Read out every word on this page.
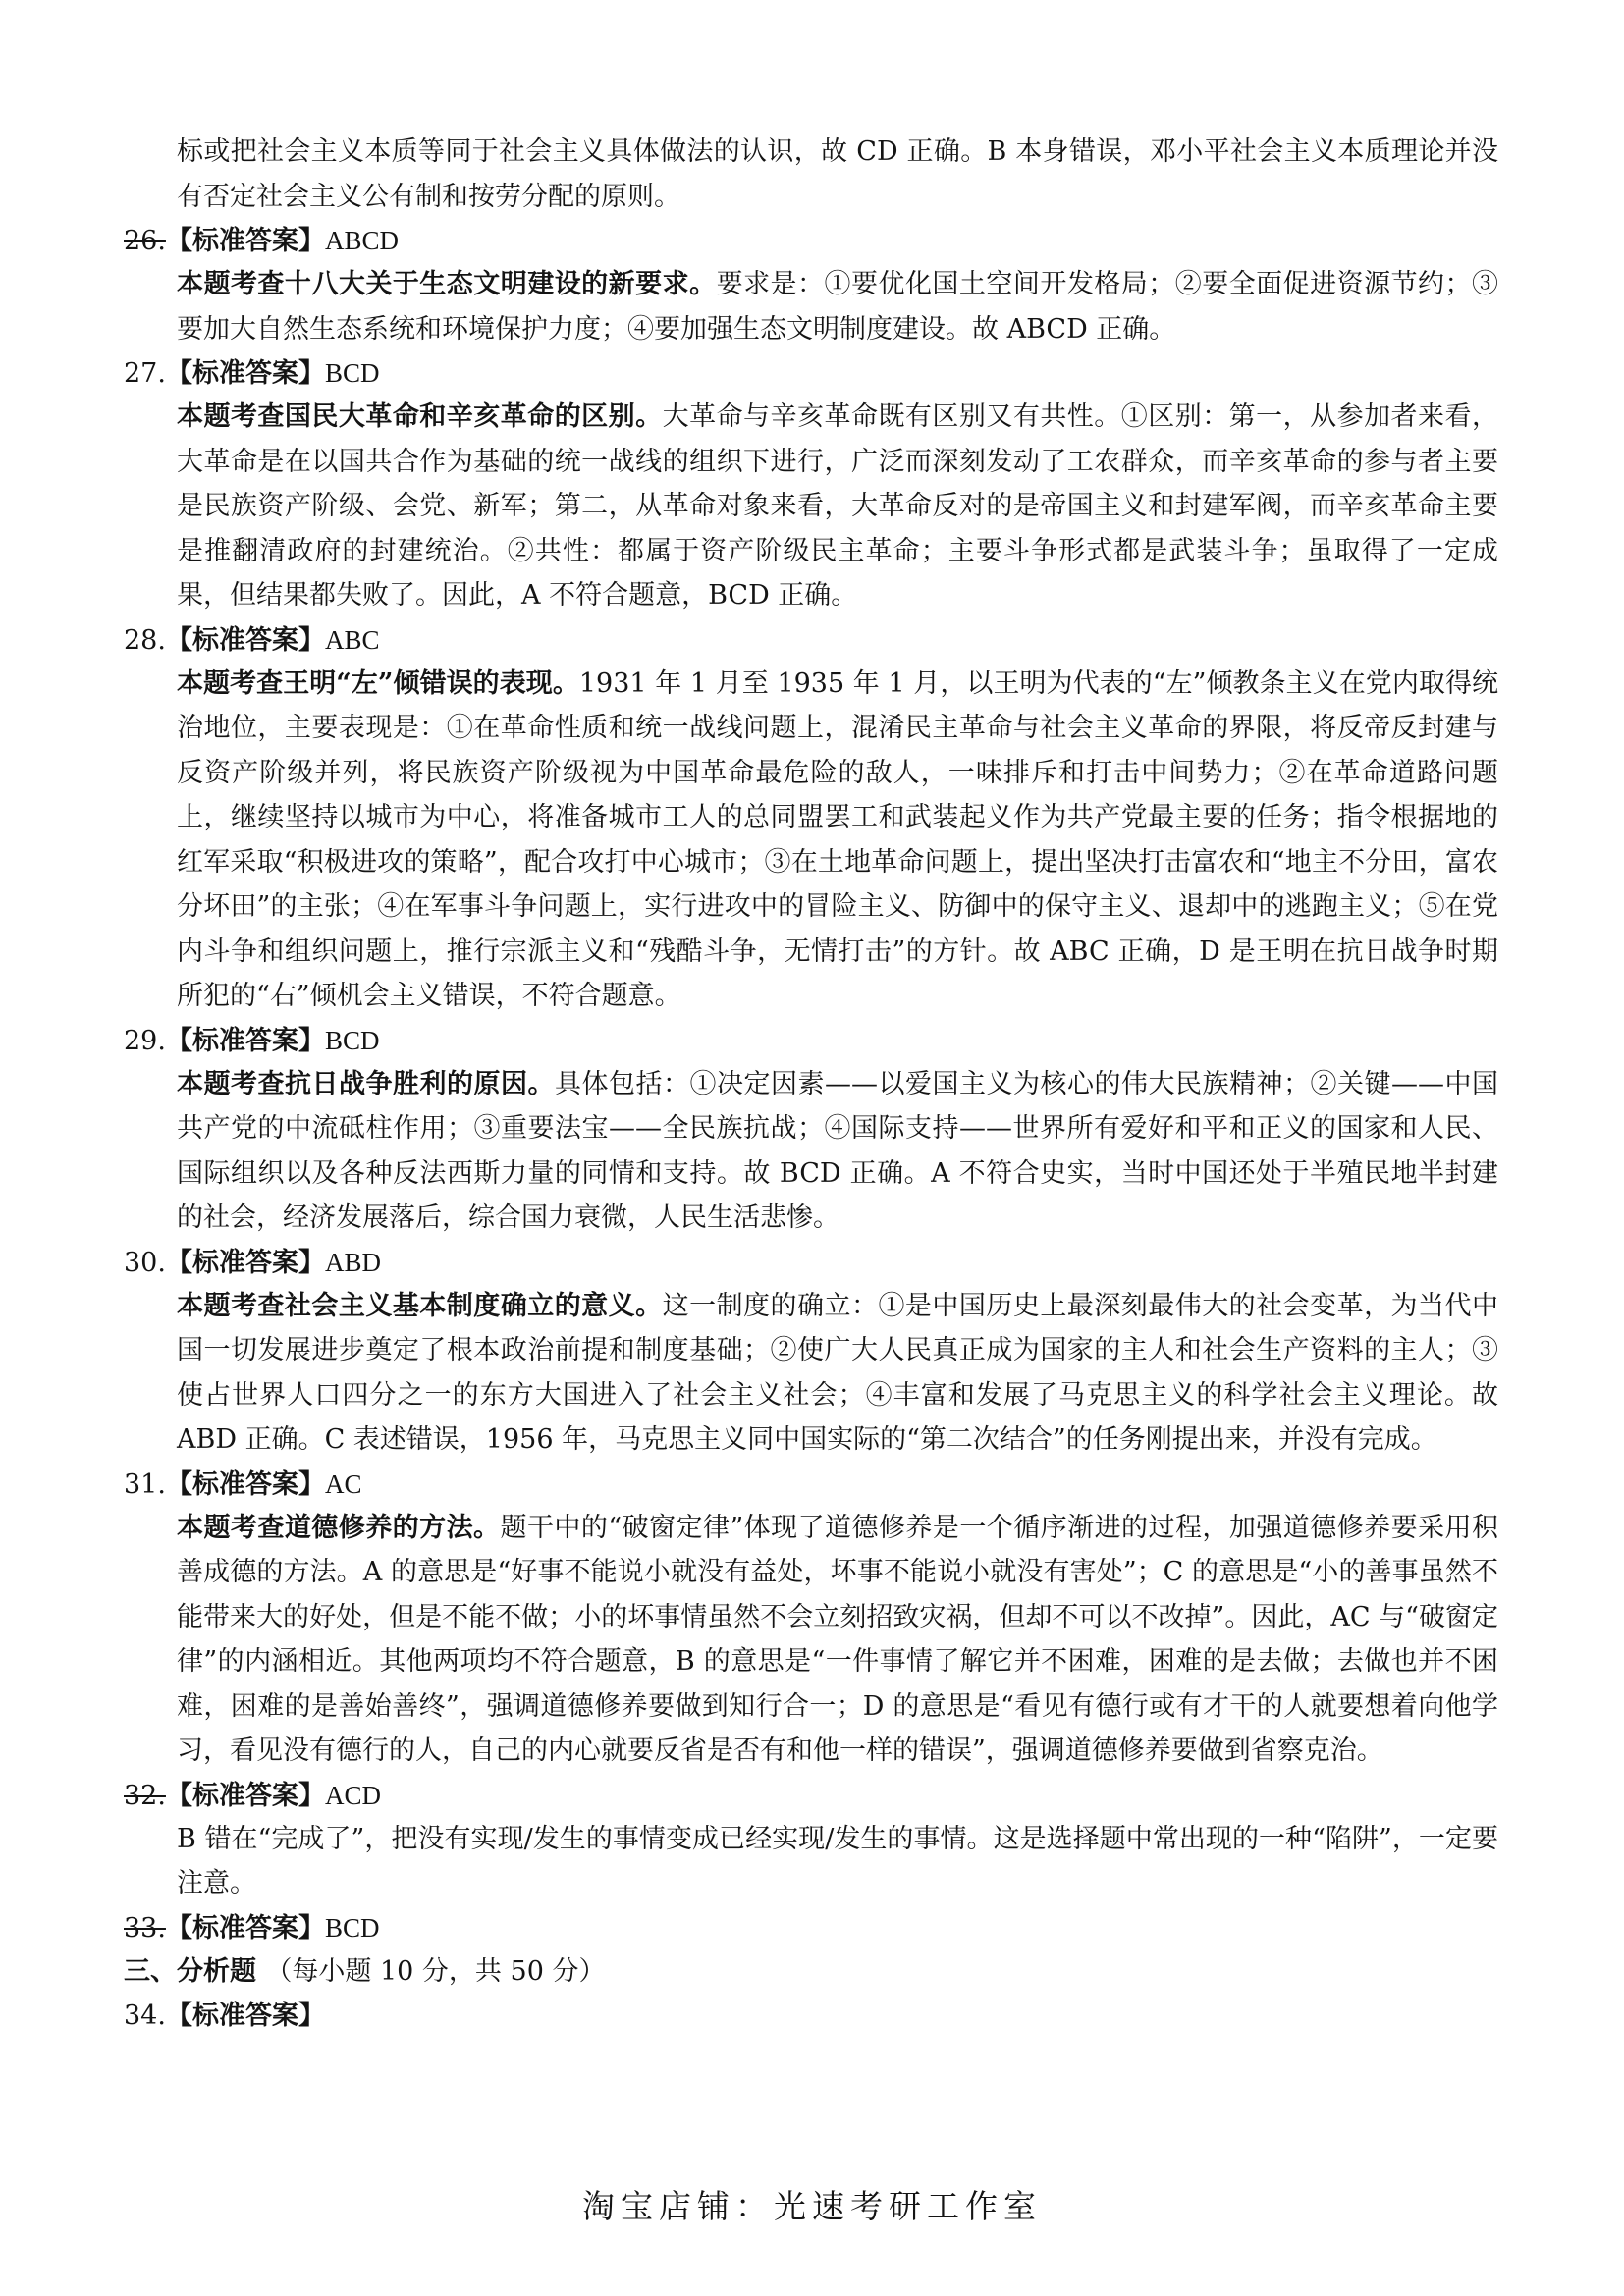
标或把社会主义本质等同于社会主义具体做法的认识，故 CD 正确。B 本身错误，邓小平社会主义本质理论并没有否定社会主义公有制和按劳分配的原则。
26.【标准答案】ABCD
本题考查十八大关于生态文明建设的新要求。要求是：①要优化国土空间开发格局；②要全面促进资源节约；③要加大自然生态系统和环境保护力度；④要加强生态文明制度建设。故 ABCD 正确。
27.【标准答案】BCD
本题考查国民大革命和辛亥革命的区别。大革命与辛亥革命既有区别又有共性。①区别：第一，从参加者来看，大革命是在以国共合作为基础的统一战线的组织下进行，广泛而深刻发动了工农群众，而辛亥革命的参与者主要是民族资产阶级、会党、新军；第二，从革命对象来看，大革命反对的是帝国主义和封建军阀，而辛亥革命主要是推翻清政府的封建统治。②共性：都属于资产阶级民主革命；主要斗争形式都是武装斗争；虽取得了一定成果，但结果都失败了。因此，A 不符合题意，BCD 正确。
28.【标准答案】ABC
本题考查王明“左”倾错误的表现。1931 年 1 月至 1935 年 1 月，以王明为代表的“左”倾教条主义在党内取得统治地位，主要表现是：①在革命性质和统一战线问题上，混淆民主革命与社会主义革命的界限，将反帝反封建与反资产阶级并列，将民族资产阶级视为中国革命最危险的敌人，一味排斥和打击中间势力；②在革命道路问题上，继续坚持以城市为中心，将准备城市工人的总同盟罢工和武装起义作为共产党最主要的任务；指令根据地的红军采取“积极进攻的策略”，配合攻打中心城市；③在土地革命问题上，提出坚决打击富农和“地主不分田，富农分坏田”的主张；④在军事斗争问题上，实行进攻中的冒险主义、防御中的保守主义、退却中的逃跑主义；⑤在党内斗争和组织问题上，推行宗派主义和“残酷斗争，无情打击”的方针。故 ABC 正确，D 是王明在抗日战争时期所犯的“右”倾机会主义错误，不符合题意。
29.【标准答案】BCD
本题考查抗日战争胜利的原因。具体包括：①决定因素——以爱国主义为核心的伟大民族精神；②关键——中国共产党的中流砥柱作用；③重要法宝——全民族抗战；④国际支持——世界所有爱好和平和正义的国家和人民、国际组织以及各种反法西斯力量的同情和支持。故 BCD 正确。A 不符合史实，当时中国还处于半殖民地半封建的社会，经济发展落后，综合国力衰微，人民生活悲惨。
30.【标准答案】ABD
本题考查社会主义基本制度确立的意义。这一制度的确立：①是中国历史上最深刻最伟大的社会变革，为当代中国一切发展进步奠定了根本政治前提和制度基础；②使广大人民真正成为国家的主人和社会生产资料的主人；③使占世界人口四分之一的东方大国进入了社会主义社会；④丰富和发展了马克思主义的科学社会主义理论。故 ABD 正确。C 表述错误，1956 年，马克思主义同中国实际的“第二次结合”的任务刚提出来，并没有完成。
31.【标准答案】AC
本题考查道德修养的方法。题干中的“破窗定律”体现了道德修养是一个循序渐进的过程，加强道德修养要采用积善成德的方法。A 的意思是“好事不能说小就没有益处，坏事不能说小就没有害处”；C 的意思是“小的善事虽然不能带来大的好处，但是不能不做；小的坏事情虽然不会立刻招致灾祸，但却不可以不改掉”。因此，AC 与“破窗定律”的内涵相近。其他两项均不符合题意，B 的意思是“一件事情了解它并不困难，困难的是去做；去做也并不困难，困难的是善始善终”，强调道德修养要做到知行合一；D 的意思是“看见有德行或有才干的人就要想着向他学习，看见没有德行的人，自己的内心就要反省是否有和他一样的错误”，强调道德修养要做到省察克治。
32.【标准答案】ACD
B 错在“完成了”，把没有实现/发生的事情变成已经实现/发生的事情。这是选择题中常出现的一种“陷阱”，一定要注意。
33.【标准答案】BCD
三、分析题 （每小题 10 分，共 50 分）
34.【标准答案】
淘宝店铺：光速考研工作室
